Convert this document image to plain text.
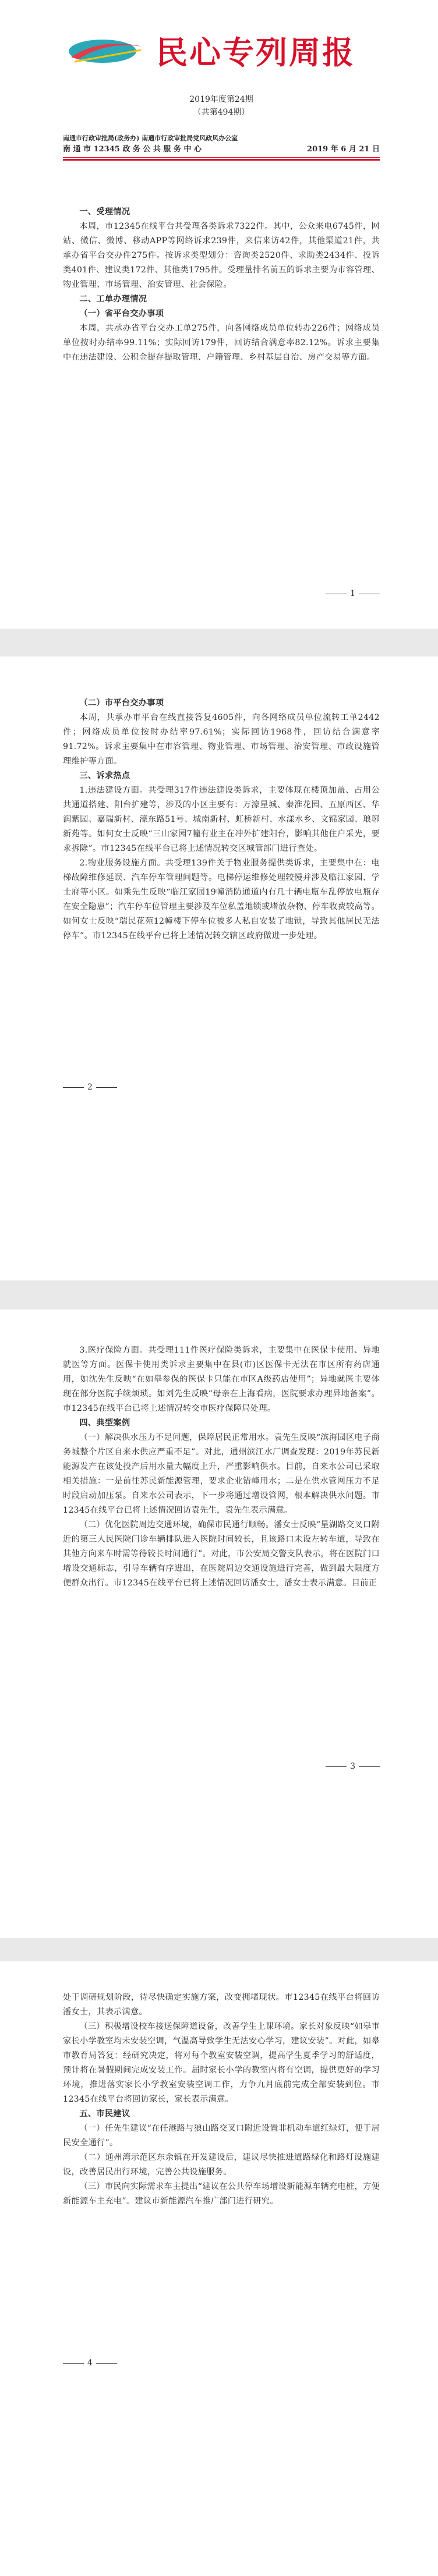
民心专列
民心专列周报
2019年度第24期
（共第494期）
南通市行政审批局(政务办) 南通市行政审批局党风政风办公室
南 通 市 12345 政 务 公 共 服 务 中 心	2019 年 6 月 21 日

一、受理情况

本周，市12345在线平台共受理各类诉求7322件。其中，公众来电6745件，网站、微信、微博、移动APP等网络诉求239件，来信来访42件，其他渠道21件，共承办省平台交办件275件。按诉求类型划分：咨询类2520件、求助类2434件、投诉类401件、建议类172件、其他类1795件。受理量排名前五的诉求主要为市容管理、物业管理、市场管理、治安管理、社会保险。

二、工单办理情况

（一）省平台交办事项

本周，共承办省平台交办工单275件，向各网络成员单位转办226件；网络成员单位按时办结率99.11%；实际回访179件，回访结合满意率82.12%。诉求主要集中在违法建设、公积金提存提取管理、户籍管理、乡村基层自治、房产交易等方面。

1

（二）市平台交办事项

本周，共承办市平台在线直接答复4605件，向各网络成员单位流转工单2442件；网络成员单位按时办结率97.61%；实际回访1968件，回访结合满意率91.72%。诉求主要集中在市容管理、物业管理、市场管理、治安管理、市政设施管理维护等方面。

三、诉求热点

1.违法建设方面。共受理317件违法建设类诉求，主要体现在楼顶加盖、占用公共通道搭建、阳台扩建等，涉及的小区主要有：万濠星城、秦淮花园、五原西区、华润紫园、嘉瑞新村、濠东路51号、城南新村、虹桥新村、水漾水乡、文锦家园、琅琊新苑等。如何女士反映“三山家园7幢有业主在冲外扩建阳台，影响其他住户采光，要求拆除”。市12345在线平台已将上述情况转交区城管部门进行查处。

2.物业服务设施方面。共受理139件关于物业服务提供类诉求，主要集中在：电梯故障维修延误、汽车停车管理问题等。电梯停运维修处理较慢并涉及临江家园、学士府等小区。如乘先生反映“临江家园19幢消防通道内有几十辆电瓶车乱停放电瓶存在安全隐患”；汽车停车位管理主要涉及车位私盖地锁或堵放杂物、停车收费较高等。如何女士反映“瑞民花苑12幢楼下停车位被多人私自安装了地锁，导致其他居民无法停车”。市12345在线平台已将上述情况转交辖区政府做进一步处理。

2

3.医疗保险方面。共受理111件医疗保险类诉求，主要集中在医保卡使用、异地就医等方面。医保卡使用类诉求主要集中在县(市)区医保卡无法在市区所有药店通用，如沈先生反映“在如皋参保的医保卡只能在市区A级药店使用”；异地就医主要体现在部分医院手续烦琐。如刘先生反映“母亲在上海看病，医院要求办理异地备案”。市12345在线平台已将上述情况转交市医疗保障局处理。

四、典型案例

（一）解决供水压力不足问题，保障居民正常用水。袁先生反映“滨海园区电子商务城整个片区自来水供应严重不足”。对此，通州滨江水厂调查发现：2019年苏民新能源发产在该处投产后用水量大幅度上升，严重影响供水。目前，自来水公司已采取相关措施：一是前往苏民新能源管理，要求企业错峰用水；二是在供水管网压力不足时段启动加压泵。自来水公司表示，下一步将通过增设管网，根本解决供水问题。市12345在线平台已将上述情况回访袁先生，袁先生表示满意。

（二）优化医院周边交通环境，确保市民通行顺畅。潘女士反映“星湖路交叉口附近的第三人民医院门诊车辆排队进入医院时间较长，且该路口未设左转车道，导致在其他方向来车时需等待较长时间通行”。对此，市公安局交警支队表示，将在医院门口增设交通标志，引导车辆有序进出，在医院周边交通设施进行完善，做到最大限度方便群众出行。市12345在线平台已将上述情况回访潘女士，潘女士表示满意。目前正

3

处于调研规划阶段，待尽快确定实施方案，改变拥堵现状。市12345在线平台将回访潘女士，其表示满意。

（三）积极增设校车接送保障道设备，改善学生上课环境。家长对象反映“如皋市家长小学教室均未安装空调，气温高导致学生无法安心学习，建议安装”。对此，如皋市教育局答复：经研究决定，将对每个教室安装空调，提高学生夏季学习的舒适度，预计将在暑假期间完成安装工作。届时家长小学的教室内将有空调，提供更好的学习环境，推进落实家长小学教室安装空调工作，力争九月底前完成全部安装到位。市12345在线平台将回访家长，家长表示满意。

五、市民建议

（一）任先生建议“在任港路与狼山路交叉口附近设置非机动车道红绿灯，便于居民安全通行”。

（二）通州湾示范区东余镇在开发建设后，建议尽快推进道路绿化和路灯设施建设，改善居民出行环境，完善公共设施服务。

（三）市民向实际需求车主提出“建议在公共停车场增设新能源车辆充电桩，方便新能源车主充电”。建议市新能源汽车推广部门进行研究。

4
